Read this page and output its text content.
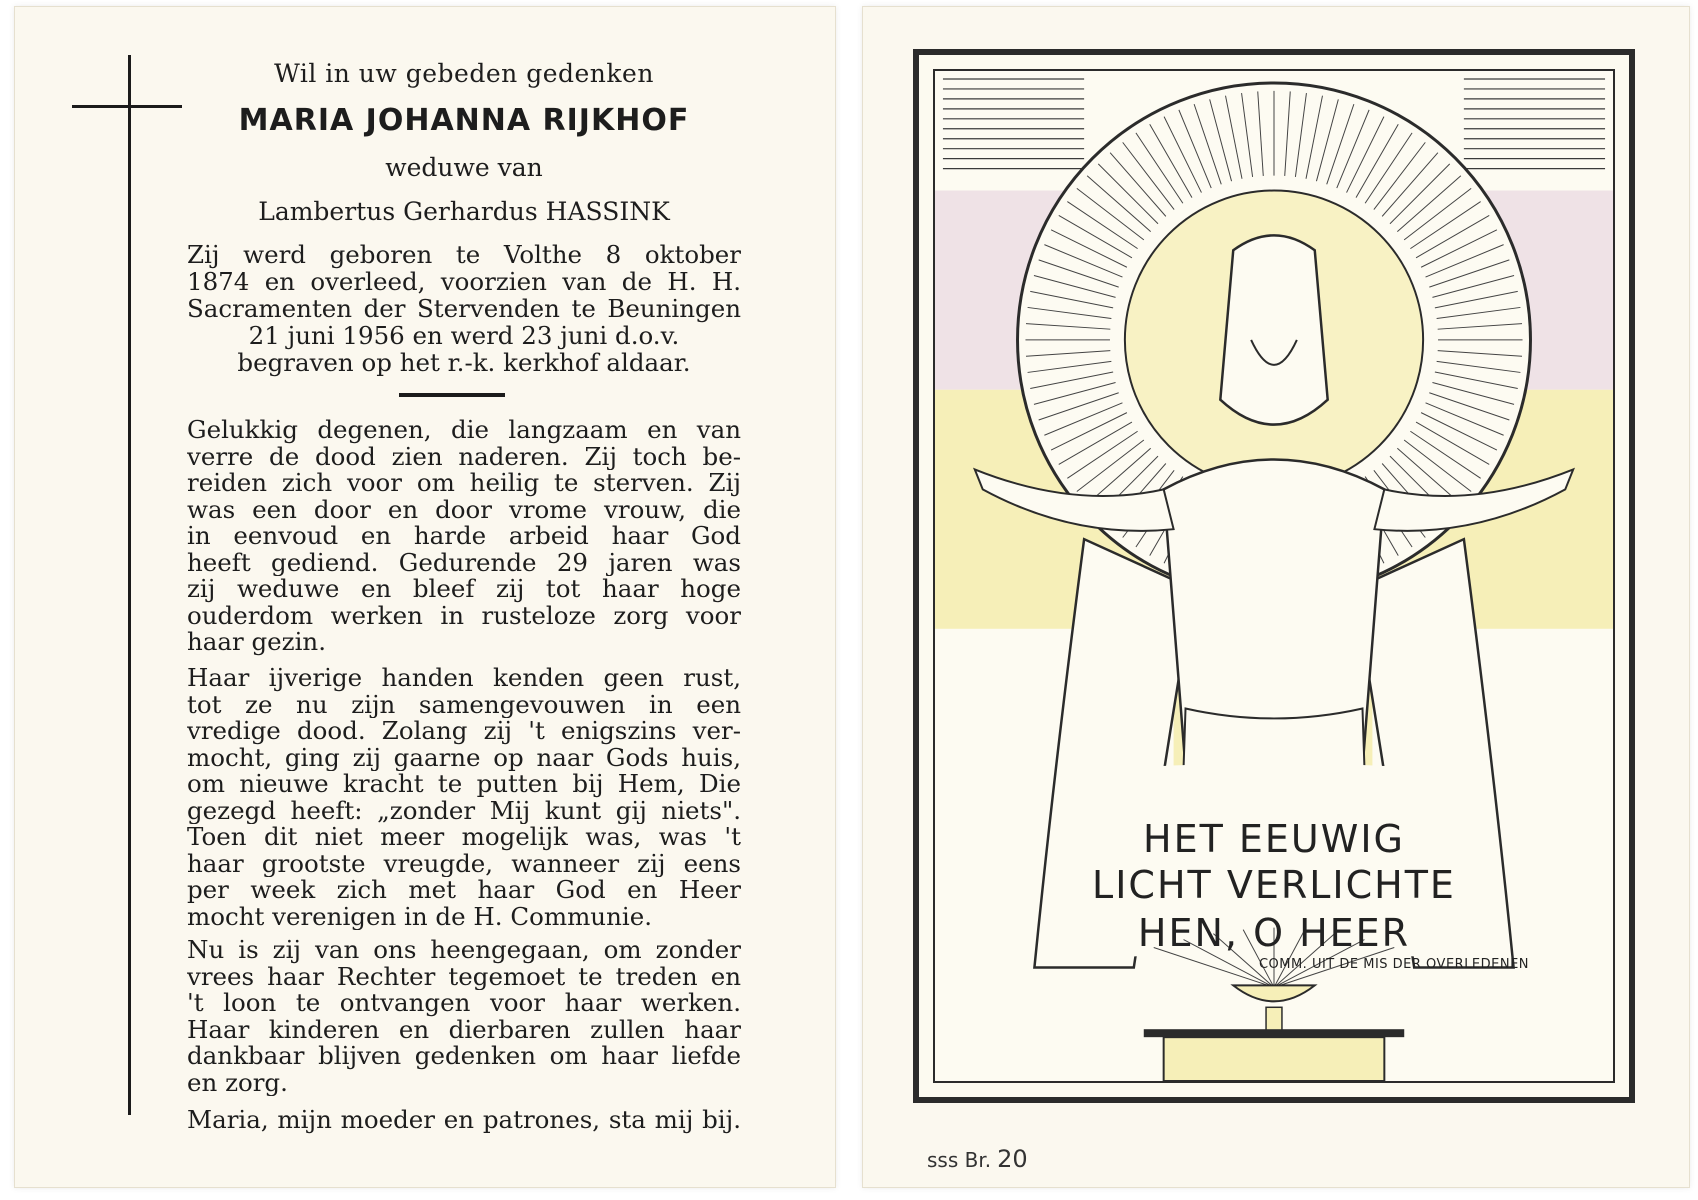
Wil in uw gebeden gedenken
MARIA JOHANNA RIJKHOF
weduwe van
Lambertus Gerhardus HASSINK
Zij werd geboren te Volthe 8 oktober
1874 en overleed, voorzien van de H. H.
Sacramenten der Stervenden te Beuningen
21 juni 1956 en werd 23 juni d.o.v.
begraven op het r.-k. kerkhof aldaar.
Gelukkig degenen, die langzaam en van
verre de dood zien naderen. Zij toch be-
reiden zich voor om heilig te sterven. Zij
was een door en door vrome vrouw, die
in eenvoud en harde arbeid haar God
heeft gediend. Gedurende 29 jaren was
zij weduwe en bleef zij tot haar hoge
ouderdom werken in rusteloze zorg voor
haar gezin.
Haar ijverige handen kenden geen rust,
tot ze nu zijn samengevouwen in een
vredige dood. Zolang zij 't enigszins ver-
mocht, ging zij gaarne op naar Gods huis,
om nieuwe kracht te putten bij Hem, Die
gezegd heeft: „zonder Mij kunt gij niets".
Toen dit niet meer mogelijk was, was 't
haar grootste vreugde, wanneer zij eens
per week zich met haar God en Heer
mocht verenigen in de H. Communie.
Nu is zij van ons heengegaan, om zonder
vrees haar Rechter tegemoet te treden en
't loon te ontvangen voor haar werken.
Haar kinderen en dierbaren zullen haar
dankbaar blijven gedenken om haar liefde
en zorg.
Maria, mijn moeder en patrones, sta mij bij.
HET EEUWIG
LICHT VERLICHTE
HEN, O HEER
COMM. UIT DE MIS DER OVERLEDENEN
sss Br. 20
